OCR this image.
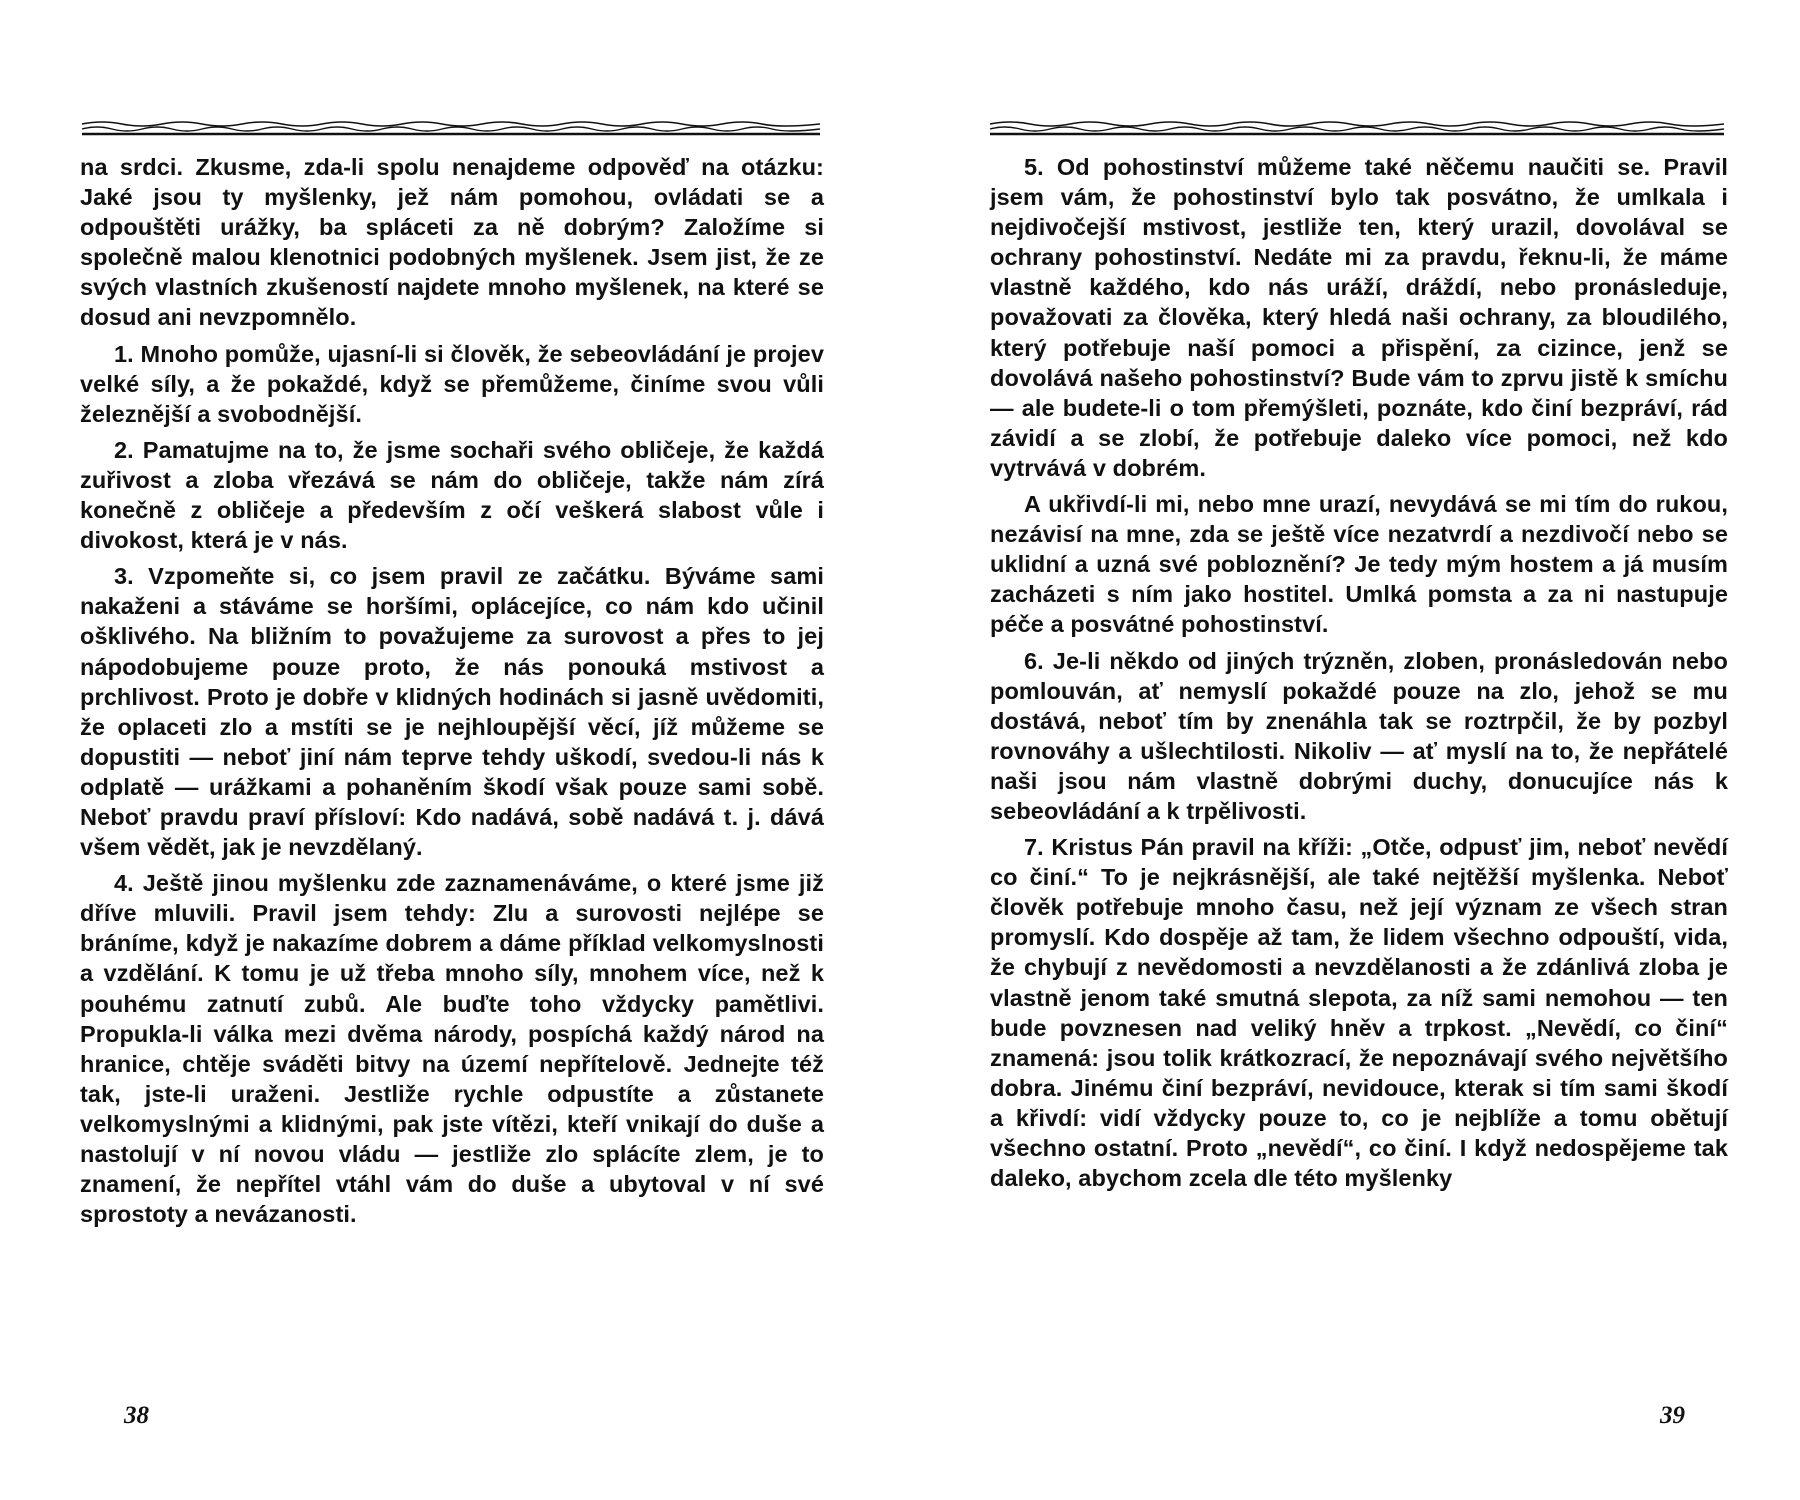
na srdci. Zkusme, zda-li spolu nenajdeme odpověď na otázku: Jaké jsou ty myšlenky, jež nám pomohou, ovládati se a odpouštěti urážky, ba spláceti za ně dobrým? Založíme si společně malou klenotnici podobných myšlenek. Jsem jist, že ze svých vlastních zkušeností najdete mnoho myšlenek, na které se dosud ani nevzpomnělo.

1. Mnoho pomůže, ujasní-li si člověk, že sebeovládání je projev velké síly, a že pokaždé, když se přemůžeme, činíme svou vůli železnější a svobodnější.

2. Pamatujme na to, že jsme sochaři svého obličeje, že každá zuřivost a zloba vřezává se nám do obličeje, takže nám zírá konečně z obličeje a především z očí veškerá slabost vůle i divokost, která je v nás.

3. Vzpomeňte si, co jsem pravil ze začátku. Býváme sami nakaženi a stáváme se horšími, oplácejíce, co nám kdo učinil ošklivého. Na bližním to považujeme za surovost a přes to jej nápodobujeme pouze proto, že nás ponouká mstivost a prchlivost. Proto je dobře v klidných hodinách si jasně uvědomiti, že oplaceti zlo a mstíti se je nejhloupější věcí, jíž můžeme se dopustiti — neboť jiní nám teprve tehdy uškodí, svedou-li nás k odplatě — urážkami a pohaněním škodí však pouze sami sobě. Neboť pravdu praví přísloví: Kdo nadává, sobě nadává t. j. dává všem vědět, jak je nevzdělaný.

4. Ještě jinou myšlenku zde zaznamenáváme, o které jsme již dříve mluvili. Pravil jsem tehdy: Zlu a surovosti nejlépe se bráníme, když je nakazíme dobrem a dáme příklad velkomyslnosti a vzdělání. K tomu je už třeba mnoho síly, mnohem více, než k pouhému zatnutí zubů. Ale buďte toho vždycky pamětlivi. Propukla-li válka mezi dvěma národy, pospíchá každý národ na hranice, chtěje sváděti bitvy na území nepřítelově. Jednejte též tak, jste-li uraženi. Jestliže rychle odpustíte a zůstanete velkomyslnými a klidnými, pak jste vítězi, kteří vnikají do duše a nastolují v ní novou vládu — jestliže zlo splácíte zlem, je to znamení, že nepřítel vtáhl vám do duše a ubytoval v ní své sprostoty a nevázanosti.

38

5. Od pohostinství můžeme také něčemu naučiti se. Pravil jsem vám, že pohostinství bylo tak posvátno, že umlkala i nejdivočejší mstivost, jestliže ten, který urazil, dovolával se ochrany pohostinství. Nedáte mi za pravdu, řeknu-li, že máme vlastně každého, kdo nás uráží, dráždí, nebo pronásleduje, považovati za člověka, který hledá naši ochrany, za bloudilého, který potřebuje naší pomoci a přispění, za cizince, jenž se dovolává našeho pohostinství? Bude vám to zprvu jistě k smíchu — ale budete-li o tom přemýšleti, poznáte, kdo činí bezpráví, rád závidí a se zlobí, že potřebuje daleko více pomoci, než kdo vytrvává v dobrém.

A ukřivdí-li mi, nebo mne urazí, nevydává se mi tím do rukou, nezávisí na mne, zda se ještě více nezatvrdí a nezdivočí nebo se uklidní a uzná své pobloznění? Je tedy mým hostem a já musím zacházeti s ním jako hostitel. Umlká pomsta a za ni nastupuje péče a posvátné pohostinství.

6. Je-li někdo od jiných trýzněn, zloben, pronásledován nebo pomlouván, ať nemyslí pokaždé pouze na zlo, jehož se mu dostává, neboť tím by znenáhla tak se roztrpčil, že by pozbyl rovnováhy a ušlechtilosti. Nikoliv — ať myslí na to, že nepřátelé naši jsou nám vlastně dobrými duchy, donucujíce nás k sebeovládání a k trpělivosti.

7. Kristus Pán pravil na kříži: „Otče, odpusť jim, neboť nevědí co činí.“ To je nejkrásnější, ale také nejtěžší myšlenka. Neboť člověk potřebuje mnoho času, než její význam ze všech stran promyslí. Kdo dospěje až tam, že lidem všechno odpouští, vida, že chybují z nevědomosti a nevzdělanosti a že zdánlivá zloba je vlastně jenom také smutná slepota, za níž sami nemohou — ten bude povznesen nad veliký hněv a trpkost. „Nevědí, co činí“ znamená: jsou tolik krátkozrací, že nepoznávají svého největšího dobra. Jinému činí bezpráví, nevidouce, kterak si tím sami škodí a křivdí: vidí vždycky pouze to, co je nejblíže a tomu obětují všechno ostatní. Proto „nevědí“, co činí. I když nedospějeme tak daleko, abychom zcela dle této myšlenky

39
